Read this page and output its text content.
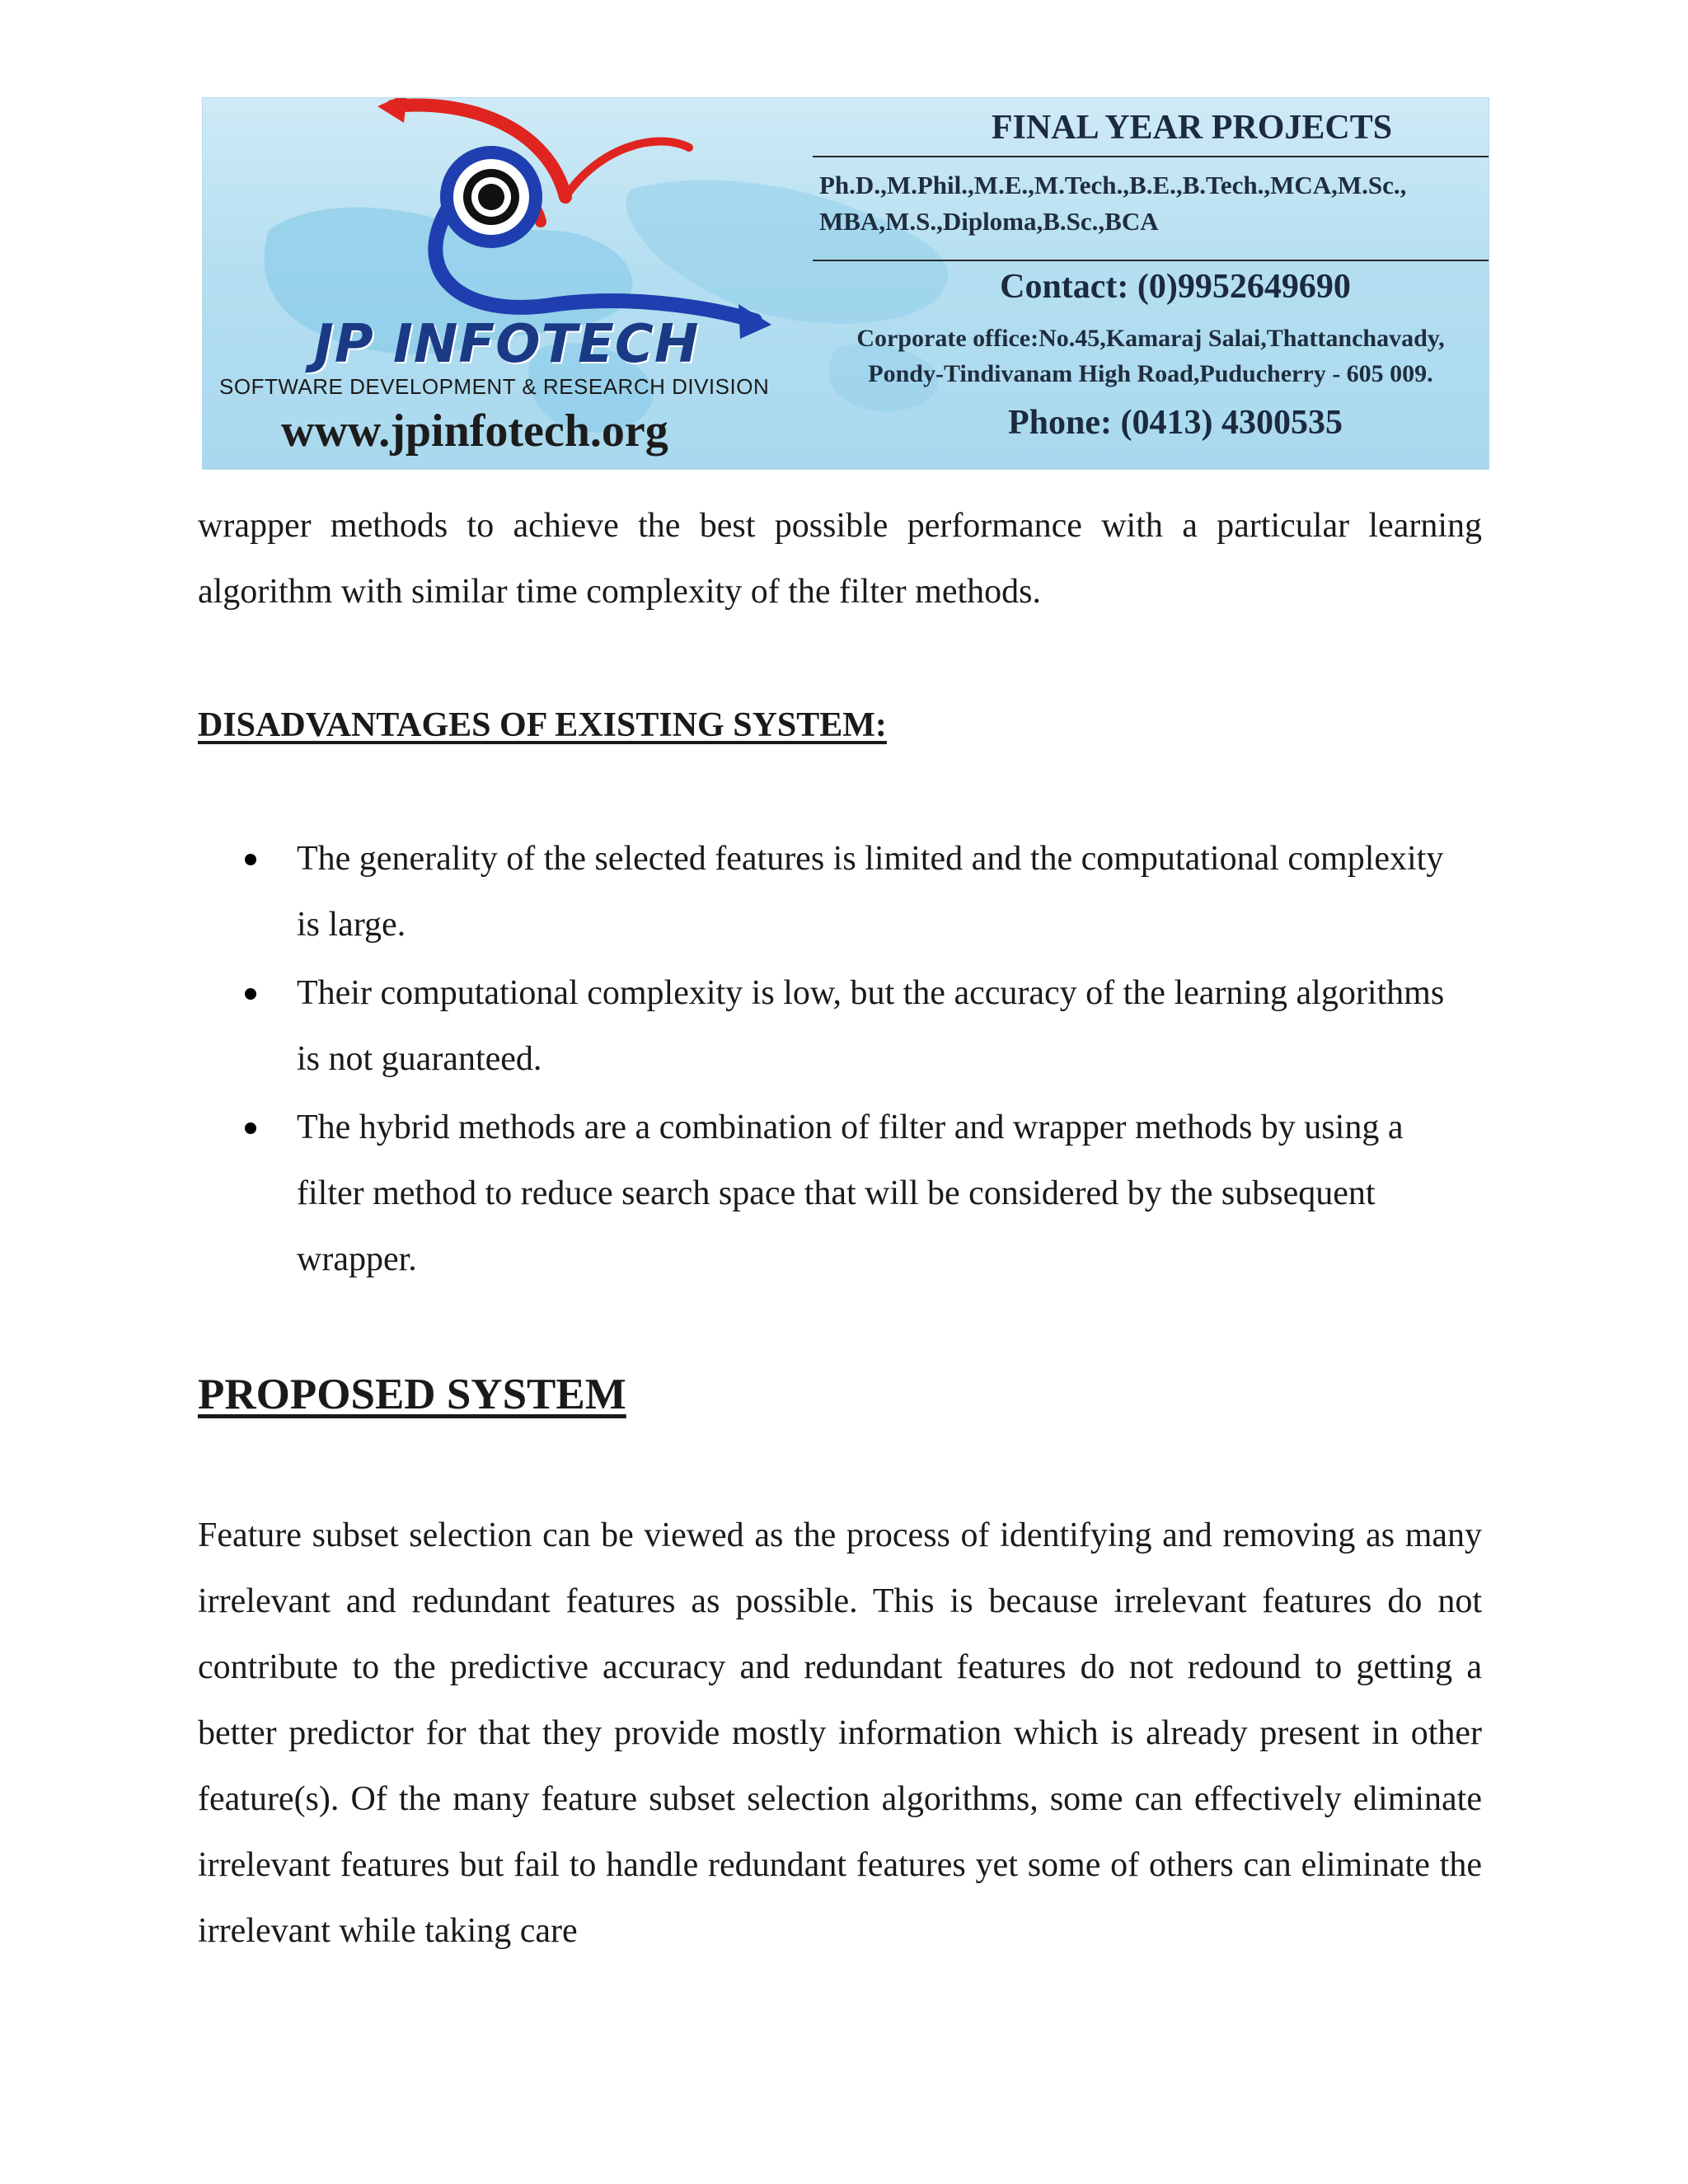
JP INFOTECH
SOFTWARE DEVELOPMENT & RESEARCH DIVISION
www.jpinfotech.org
FINAL YEAR PROJECTS
Ph.D.,M.Phil.,M.E.,M.Tech.,B.E.,B.Tech.,MCA,M.Sc., MBA,M.S.,Diploma,B.Sc.,BCA
Contact: (0)9952649690
Corporate office:No.45,Kamaraj Salai,Thattanchavady, Pondy-Tindivanam High Road,Puducherry - 605 009.
Phone: (0413) 4300535

wrapper methods to achieve the best possible performance with a particular learning algorithm with similar time complexity of the filter methods.

DISADVANTAGES OF EXISTING SYSTEM:
The generality of the selected features is limited and the computational complexity is large.
Their computational complexity is low, but the accuracy of the learning algorithms is not guaranteed.
The hybrid methods are a combination of filter and wrapper methods by using a filter method to reduce search space that will be considered by the subsequent wrapper.
PROPOSED SYSTEM

Feature subset selection can be viewed as the process of identifying and removing as many irrelevant and redundant features as possible. This is because irrelevant features do not contribute to the predictive accuracy and redundant features do not redound to getting a better predictor for that they provide mostly information which is already present in other feature(s). Of the many feature subset selection algorithms, some can effectively eliminate irrelevant features but fail to handle redundant features yet some of others can eliminate the irrelevant while taking care
